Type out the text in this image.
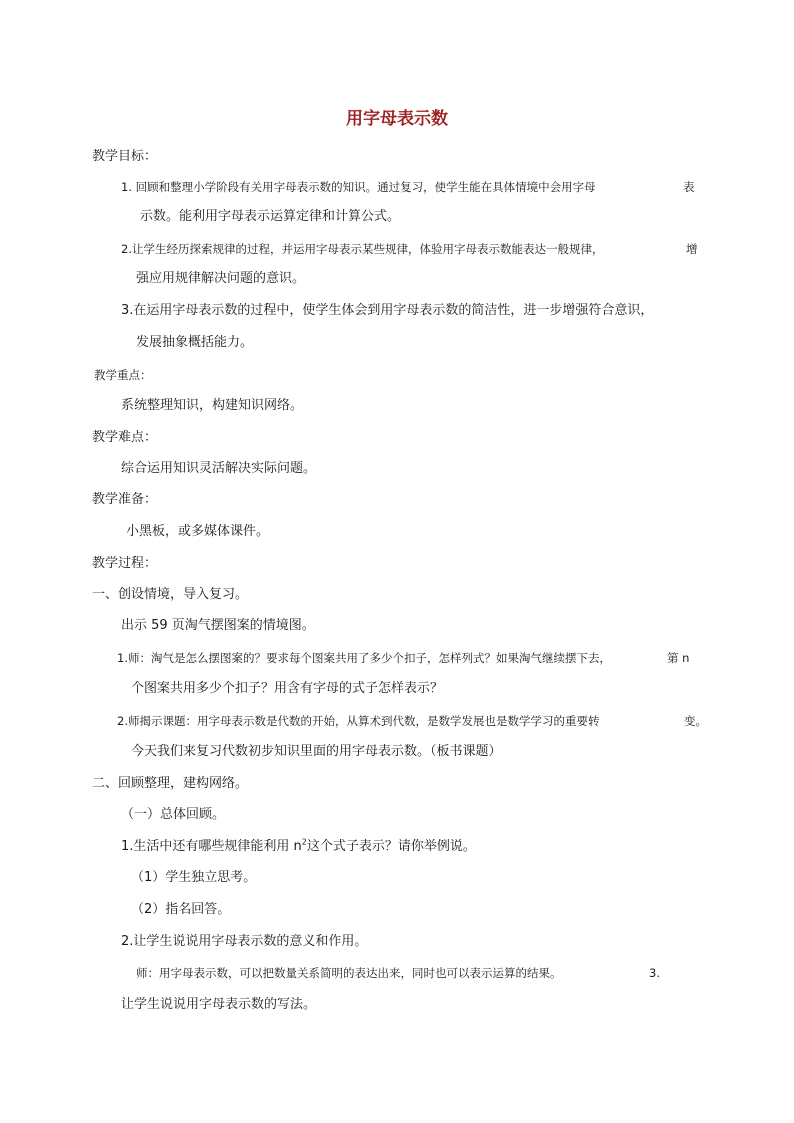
用字母表示数
教学目标：
1. 回顾和整理小学阶段有关用字母表示数的知识。通过复习，使学生能在具体情境中会用字母	表
示数。能利用字母表示运算定律和计算公式。
2.让学生经历探索规律的过程，并运用字母表示某些规律，体验用字母表示数能表达一般规律，	增
强应用规律解决问题的意识。
3.在运用字母表示数的过程中，使学生体会到用字母表示数的简洁性，进一步增强符合意识，
发展抽象概括能力。
教学重点：
系统整理知识，构建知识网络。
教学难点：
综合运用知识灵活解决实际问题。
教学准备：
小黑板，或多媒体课件。
教学过程：
一、创设情境，导入复习。
出示 59 页淘气摆图案的情境图。
1.师：淘气是怎么摆图案的？要求每个图案共用了多少个扣子，怎样列式？如果淘气继续摆下去，	第 n
个图案共用多少个扣子？用含有字母的式子怎样表示？
2.师揭示课题：用字母表示数是代数的开始，从算术到代数，是数学发展也是数学学习的重要转	变。
今天我们来复习代数初步知识里面的用字母表示数。（板书课题）
二、回顾整理，建构网络。
（一）总体回顾。
1.生活中还有哪些规律能利用 $n^2$这个式子表示？请你举例说。
（1）学生独立思考。
（2）指名回答。
2.让学生说说用字母表示数的意义和作用。
师：用字母表示数，可以把数量关系简明的表达出来，同时也可以表示运算的结果。	3.
让学生说说用字母表示数的写法。
